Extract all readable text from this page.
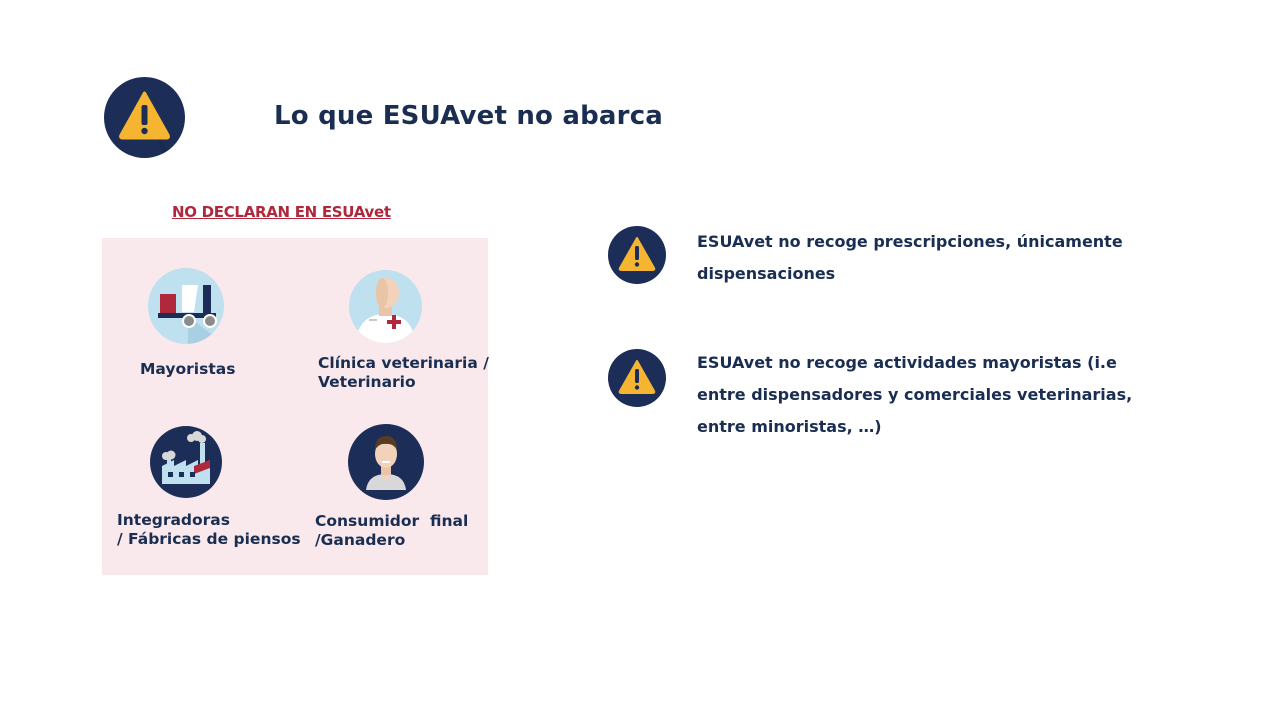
Lo que ESUAvet no abarca
NO DECLARAN EN ESUAvet
Mayoristas	Clínica veterinaria /
Veterinario
Integradoras
/ Fábricas de piensos
Consumidor  final
/Ganadero
ESUAvet no recoge prescripciones, únicamente dispensaciones
ESUAvet no recoge actividades mayoristas (i.e entre dispensadores y comerciales veterinarias, entre minoristas, …)
